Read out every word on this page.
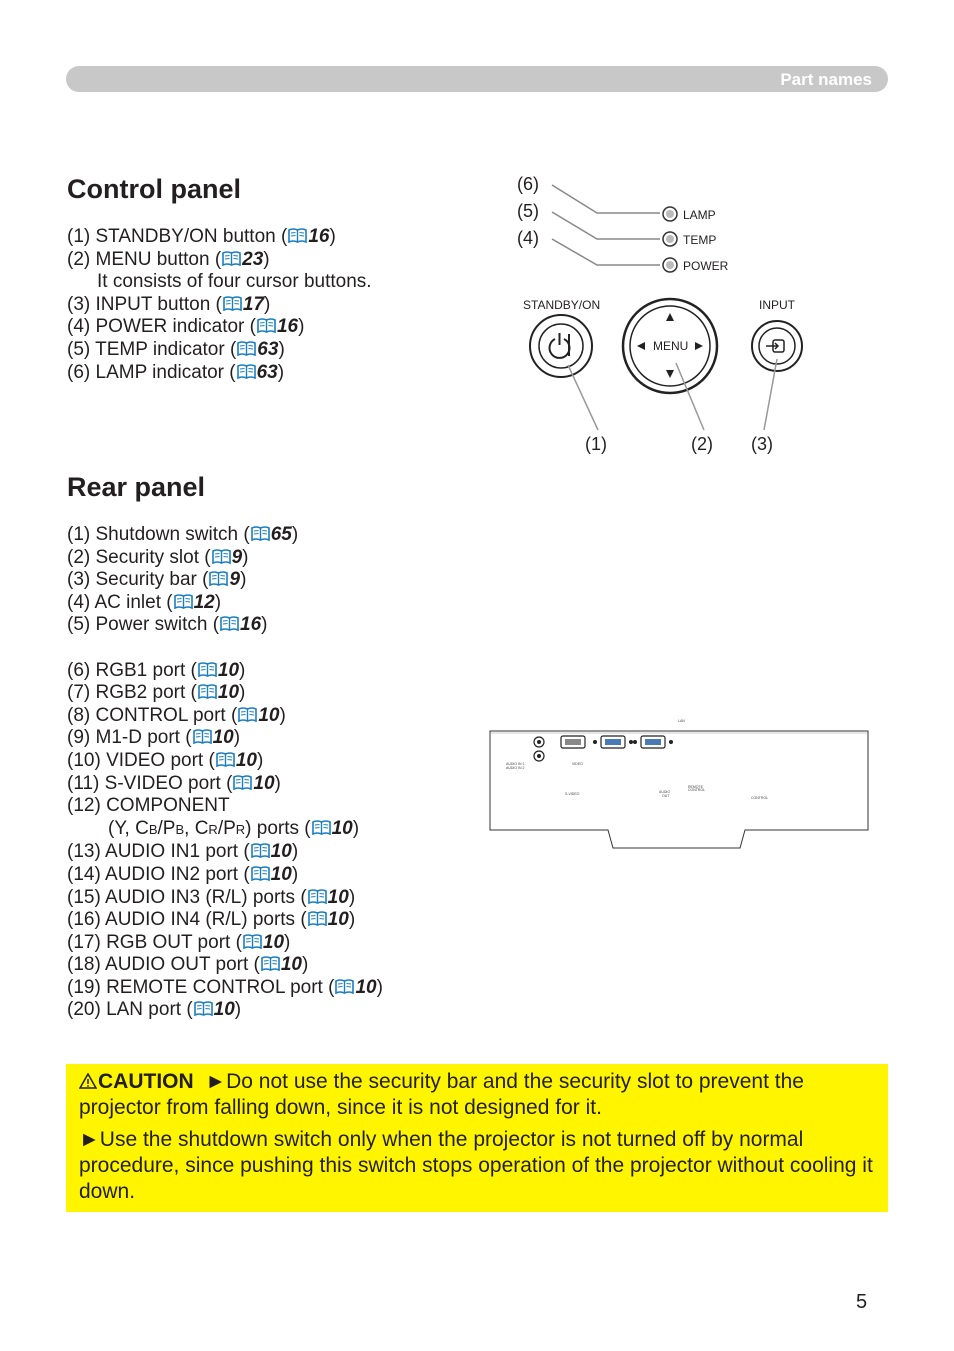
Part names
Control panel
(1) STANDBY/ON button ( 16)
(2) MENU button ( 23)
It consists of four cursor buttons.
(3) INPUT button ( 17)
(4) POWER indicator ( 16)
(5) TEMP indicator ( 63)
(6) LAMP indicator ( 63)
(6)
(5)
(4)
LAMP
TEMP
POWER
STANDBY/ON	INPUT
MENU
(1)	(2) (3)
Rear panel
(1) Shutdown switch ( 65)
(2) Security slot ( 9)
(3) Security bar ( 9)
(4) AC inlet ( 12)
(5) Power switch ( 16)
(6) RGB1 port ( 10)
(7) RGB2 port ( 10)
(8) CONTROL port ( 10)
(9) M1-D port ( 10)
(10) VIDEO port ( 10)
(11) S-VIDEO port ( 10)
(12) COMPONENT
(Y, CB/PB, CR/PR) ports ( 10)
(13) AUDIO IN1 port ( 10)
(14) AUDIO IN2 port ( 10)
(15) AUDIO IN3 (R/L) ports ( 10)
(16) AUDIO IN4 (R/L) ports ( 10)
(17) RGB OUT port ( 10)
(18) AUDIO OUT port ( 10)
(19) REMOTE CONTROL port ( 10)
(20) LAN port ( 10)
LAN
AUDIO IN 1
AUDIO IN 2
VIDEO
S-VIDEO	AUDIO
OUT
REMOTE
CONTROL
CONTROL

CAUTION ►Do not use the security bar and the security slot to prevent the projector from falling down, since it is not designed for it.

►Use the shutdown switch only when the projector is not turned off by normal procedure, since pushing this switch stops operation of the projector without cooling it down.

5
